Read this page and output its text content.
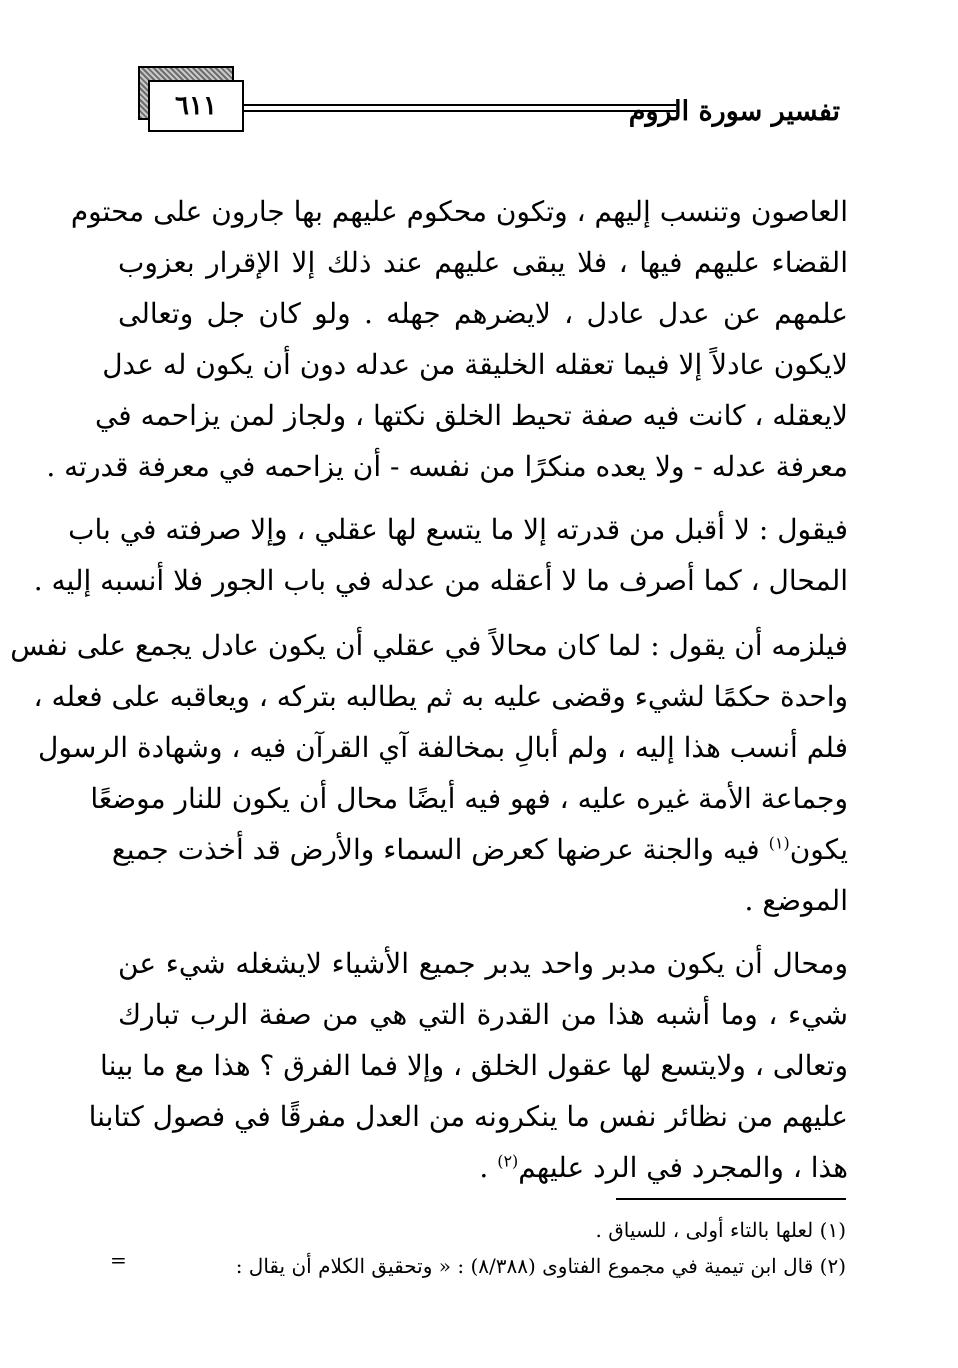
تفسير سورة الروم
٦١١
العاصون وتنسب إليهم ، وتكون محكوم عليهم بها جارون على محتوم
القضاء عليهم فيها ، فلا يبقى عليهم عند ذلك إلا الإقرار بعزوب
علمهم عن عدل عادل ، لايضرهم جهله . ولو كان جل وتعالى
لايكون عادلاً إلا فيما تعقله الخليقة من عدله دون أن يكون له عدل
لايعقله ، كانت فيه صفة تحيط الخلق نكتها ، ولجاز لمن يزاحمه في
معرفة عدله - ولا يعده منكرًا من نفسه - أن يزاحمه في معرفة قدرته .
فيقول : لا أقبل من قدرته إلا ما يتسع لها عقلي ، وإلا صرفته في باب
المحال ، كما أصرف ما لا أعقله من عدله في باب الجور فلا أنسبه إليه .
فيلزمه أن يقول : لما كان محالاً في عقلي أن يكون عادل يجمع على نفس
واحدة حكمًا لشيء وقضى عليه به ثم يطالبه بتركه ، ويعاقبه على فعله ،
فلم أنسب هذا إليه ، ولم أبالِ بمخالفة آي القرآن فيه ، وشهادة الرسول
وجماعة الأمة غيره عليه ، فهو فيه أيضًا محال أن يكون للنار موضعًا
يكون$^{(١)}$ فيه والجنة عرضها كعرض السماء والأرض قد أخذت جميع
الموضع .
ومحال أن يكون مدبر واحد يدبر جميع الأشياء لايشغله شيء عن
شيء ، وما أشبه هذا من القدرة التي هي من صفة الرب تبارك
وتعالى ، ولايتسع لها عقول الخلق ، وإلا فما الفرق ؟ هذا مع ما بينا
عليهم من نظائر نفس ما ينكرونه من العدل مفرقًا في فصول كتابنا
هذا ، والمجرد في الرد عليهم$^{(٢)}$ .
(١) لعلها بالتاء أولى ، للسياق .
(٢) قال ابن تيمية في مجموع الفتاوى (٨/٣٨٨) : « وتحقيق الكلام أن يقال :
=
